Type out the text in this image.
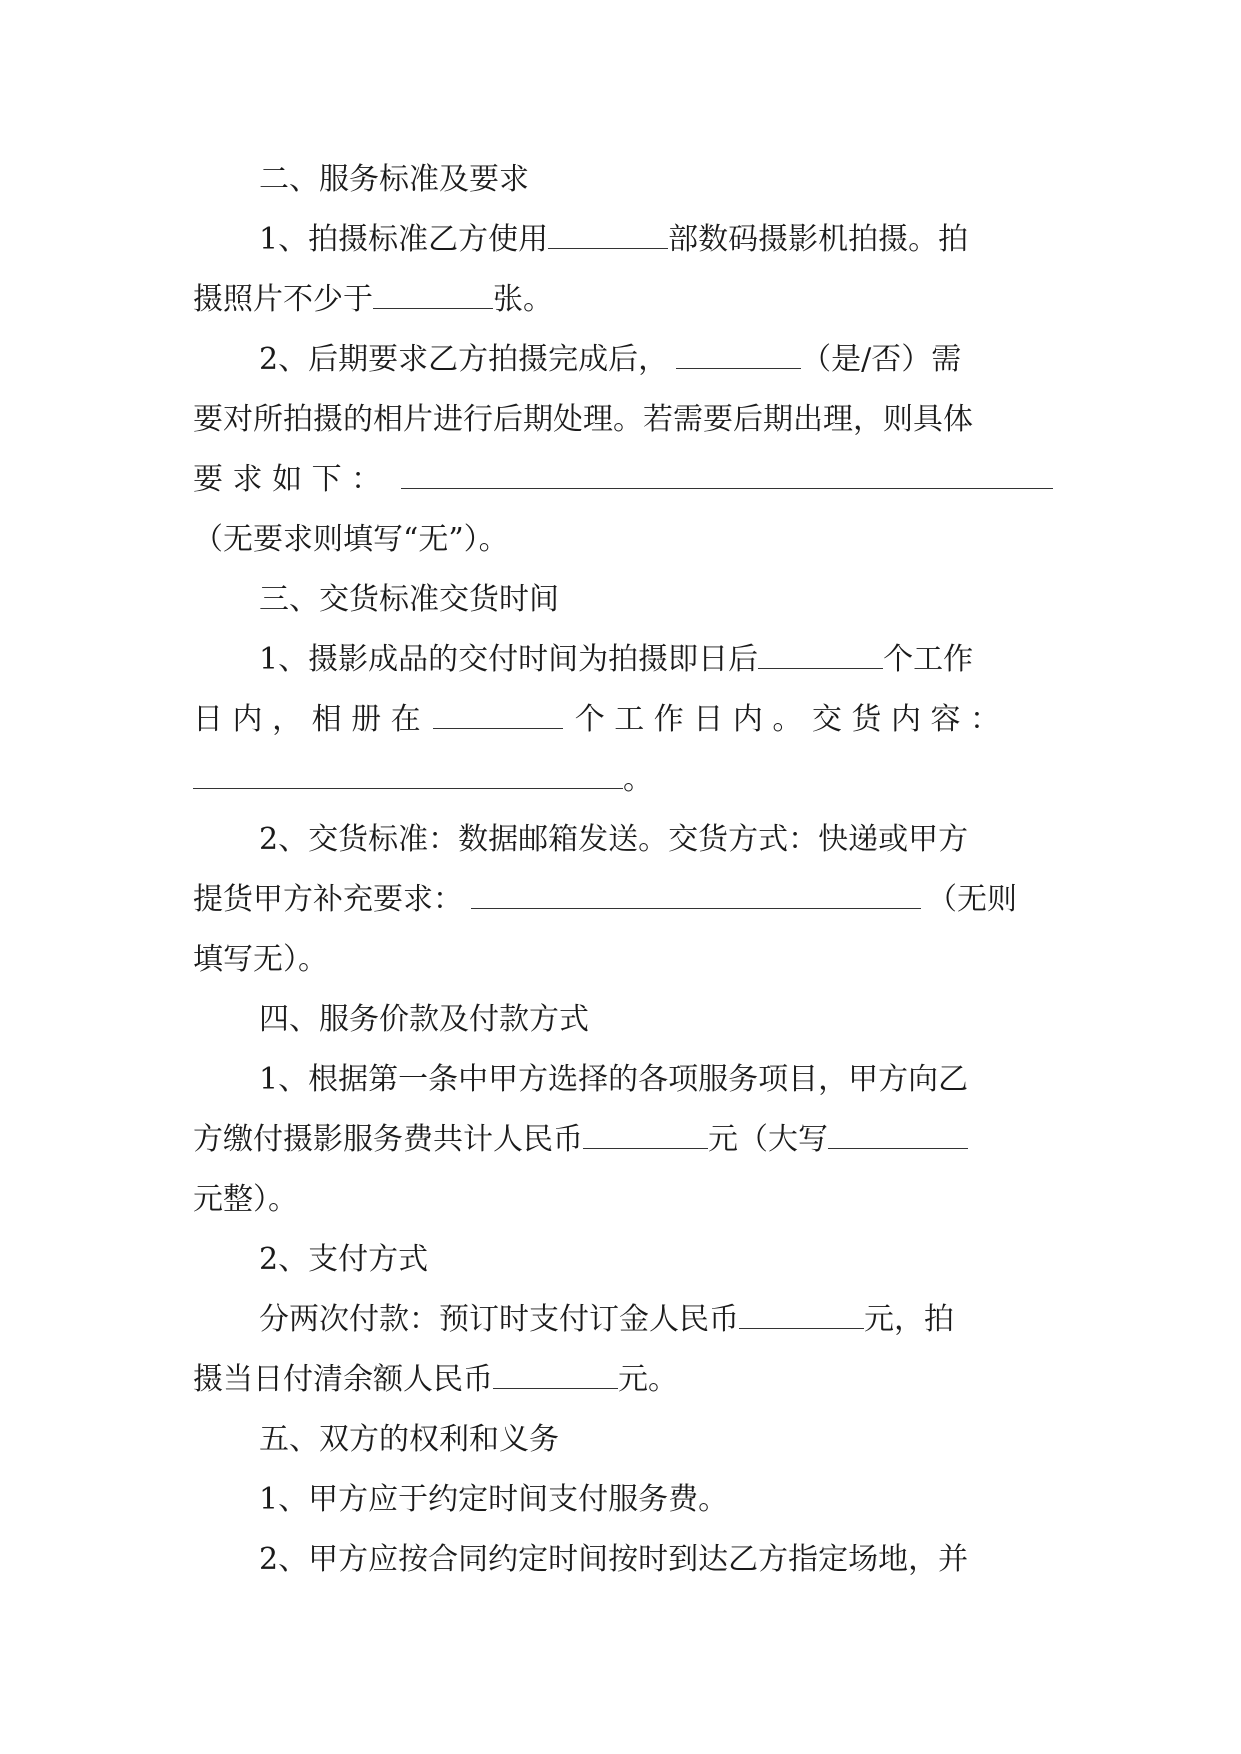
二、服务标准及要求
1、拍摄标准乙方使用	部数码摄影机拍摄。拍
摄照片不少于	张。
2、后期要求乙方拍摄完成后，	（是/否）需
要对所拍摄的相片进行后期处理。若需要后期出理，则具体
要 求 如 下 ：
（无要求则填写“无”）。
三、交货标准交货时间
1、摄影成品的交付时间为拍摄即日后	个工作
日 内 ， 相 册 在	个 工 作 日 内 。 交 货 内 容 ：
。
2、交货标准：数据邮箱发送。交货方式：快递或甲方
提货甲方补充要求：	（无则
填写无）。
四、服务价款及付款方式
1、根据第一条中甲方选择的各项服务项目，甲方向乙
方缴付摄影服务费共计人民币	元（大写
元整）。
2、支付方式
分两次付款：预订时支付订金人民币	元，拍
摄当日付清余额人民币	元。
五、双方的权利和义务
1、甲方应于约定时间支付服务费。
2、甲方应按合同约定时间按时到达乙方指定场地，并
